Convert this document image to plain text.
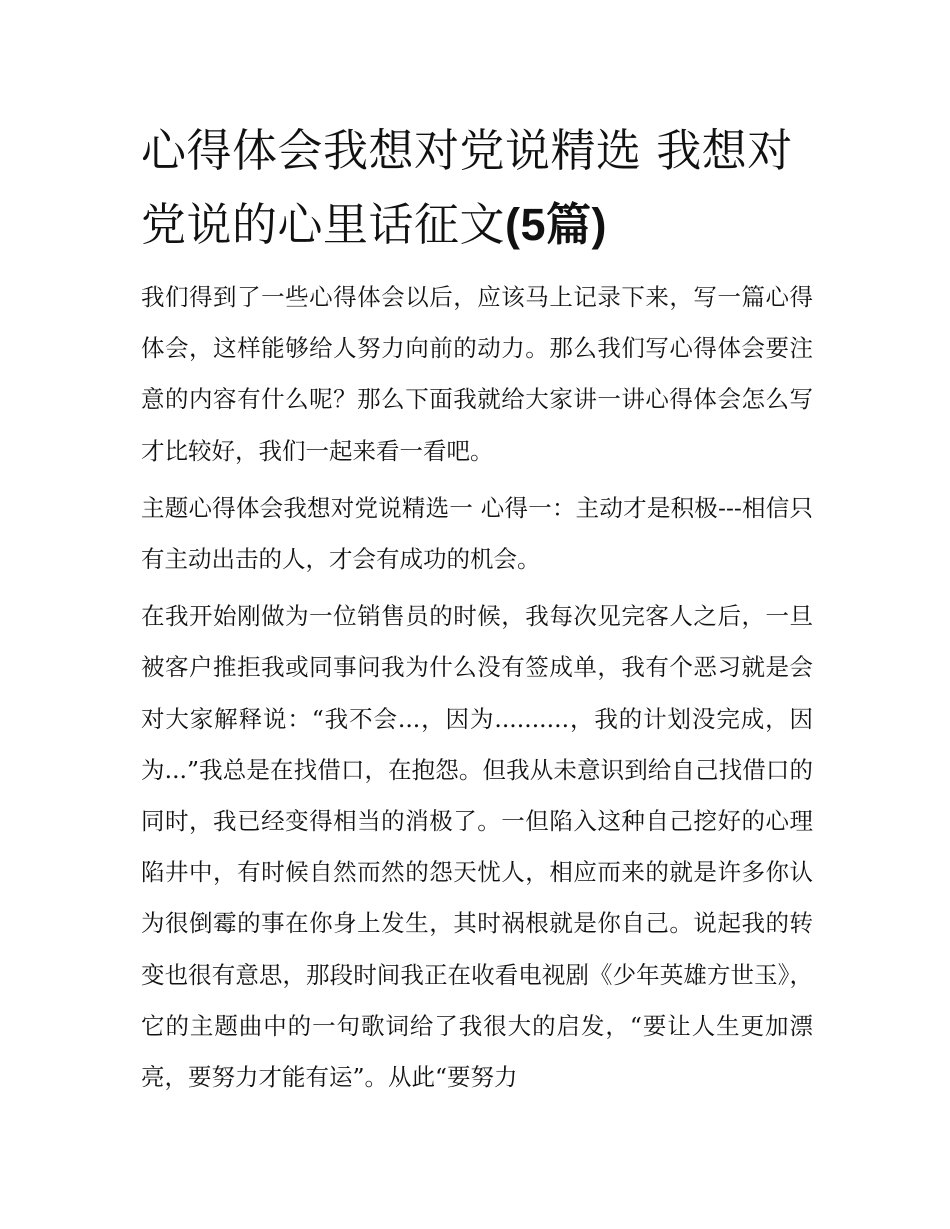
心得体会我想对党说精选 我想对党说的心里话征文(5篇)

我们得到了一些心得体会以后，应该马上记录下来，写一篇心得体会，这样能够给人努力向前的动力。那么我们写心得体会要注意的内容有什么呢？那么下面我就给大家讲一讲心得体会怎么写才比较好，我们一起来看一看吧。

主题心得体会我想对党说精选一 心得一：主动才是积极---相信只有主动出击的人，才会有成功的机会。

在我开始刚做为一位销售员的时候，我每次见完客人之后，一旦被客户推拒我或同事问我为什么没有签成单，我有个恶习就是会对大家解释说：“我不会...，因为..........，我的计划没完成，因为...”我总是在找借口，在抱怨。但我从未意识到给自己找借口的同时，我已经变得相当的消极了。一但陷入这种自己挖好的心理陷井中，有时候自然而然的怨天忧人，相应而来的就是许多你认为很倒霉的事在你身上发生，其时祸根就是你自己。说起我的转变也很有意思，那段时间我正在收看电视剧《少年英雄方世玉》，它的主题曲中的一句歌词给了我很大的启发，“要让人生更加漂亮，要努力才能有运”。从此“要努力
